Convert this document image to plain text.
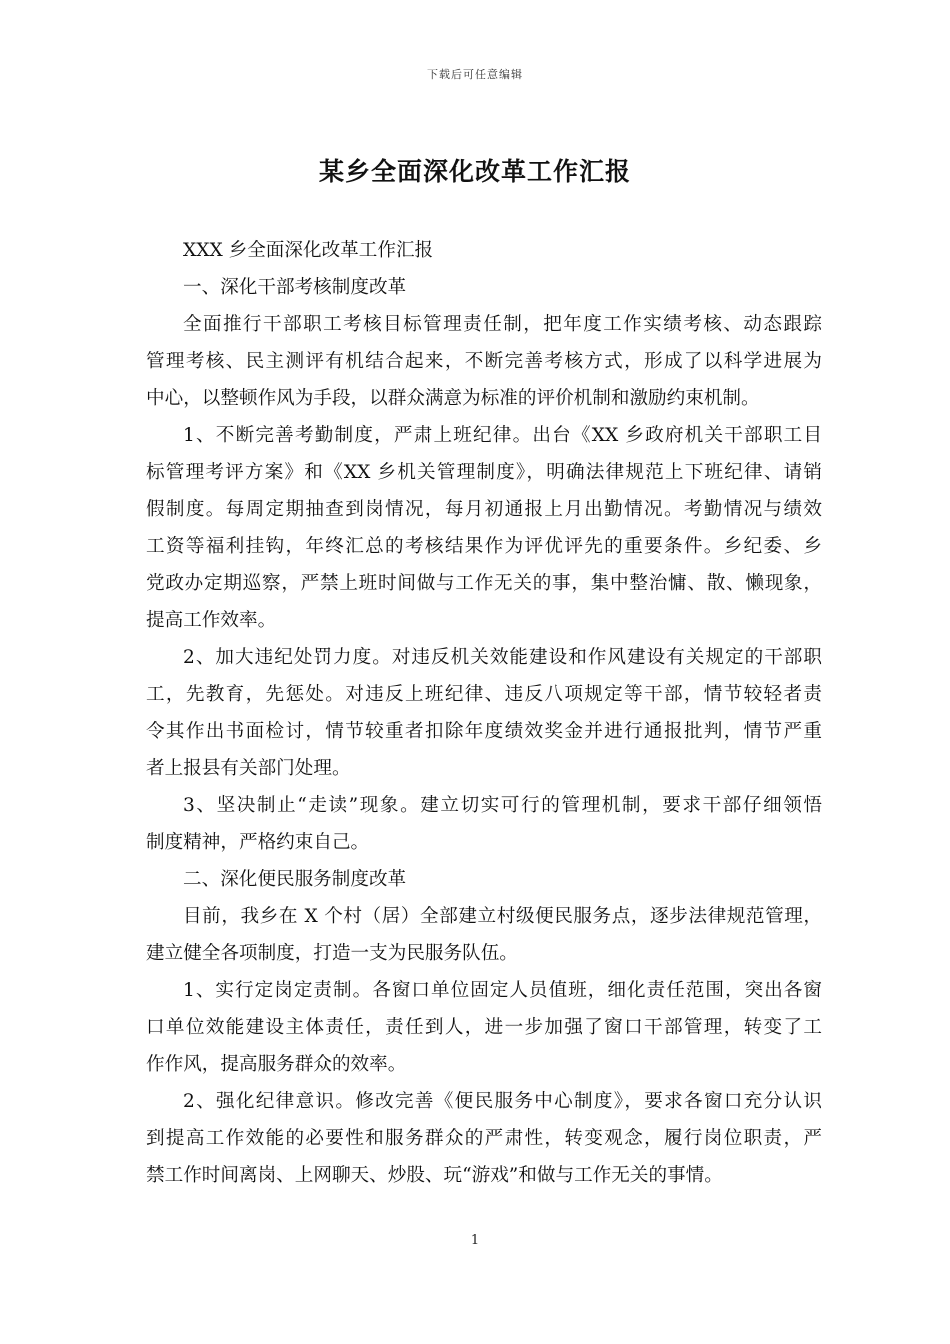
下载后可任意编辑
某乡全面深化改革工作汇报
XXX 乡全面深化改革工作汇报
一、深化干部考核制度改革
全面推行干部职工考核目标管理责任制，把年度工作实绩考核、动态跟踪
管理考核、民主测评有机结合起来，不断完善考核方式，形成了以科学进展为
中心，以整顿作风为手段，以群众满意为标准的评价机制和激励约束机制。
1、不断完善考勤制度，严肃上班纪律。出台《XX 乡政府机关干部职工目
标管理考评方案》和《XX 乡机关管理制度》，明确法律规范上下班纪律、请销
假制度。每周定期抽查到岗情况，每月初通报上月出勤情况。考勤情况与绩效
工资等福利挂钩，年终汇总的考核结果作为评优评先的重要条件。乡纪委、乡
党政办定期巡察，严禁上班时间做与工作无关的事，集中整治慵、散、懒现象，
提高工作效率。
2、加大违纪处罚力度。对违反机关效能建设和作风建设有关规定的干部职
工，先教育，先惩处。对违反上班纪律、违反八项规定等干部，情节较轻者责
令其作出书面检讨，情节较重者扣除年度绩效奖金并进行通报批判，情节严重
者上报县有关部门处理。
3、坚决制止“走读”现象。建立切实可行的管理机制，要求干部仔细领悟
制度精神，严格约束自己。
二、深化便民服务制度改革
目前，我乡在 X 个村（居）全部建立村级便民服务点，逐步法律规范管理，
建立健全各项制度，打造一支为民服务队伍。
1、实行定岗定责制。各窗口单位固定人员值班，细化责任范围，突出各窗
口单位效能建设主体责任，责任到人，进一步加强了窗口干部管理，转变了工
作作风，提高服务群众的效率。
2、强化纪律意识。修改完善《便民服务中心制度》，要求各窗口充分认识
到提高工作效能的必要性和服务群众的严肃性，转变观念，履行岗位职责，严
禁工作时间离岗、上网聊天、炒股、玩“游戏”和做与工作无关的事情。
1
